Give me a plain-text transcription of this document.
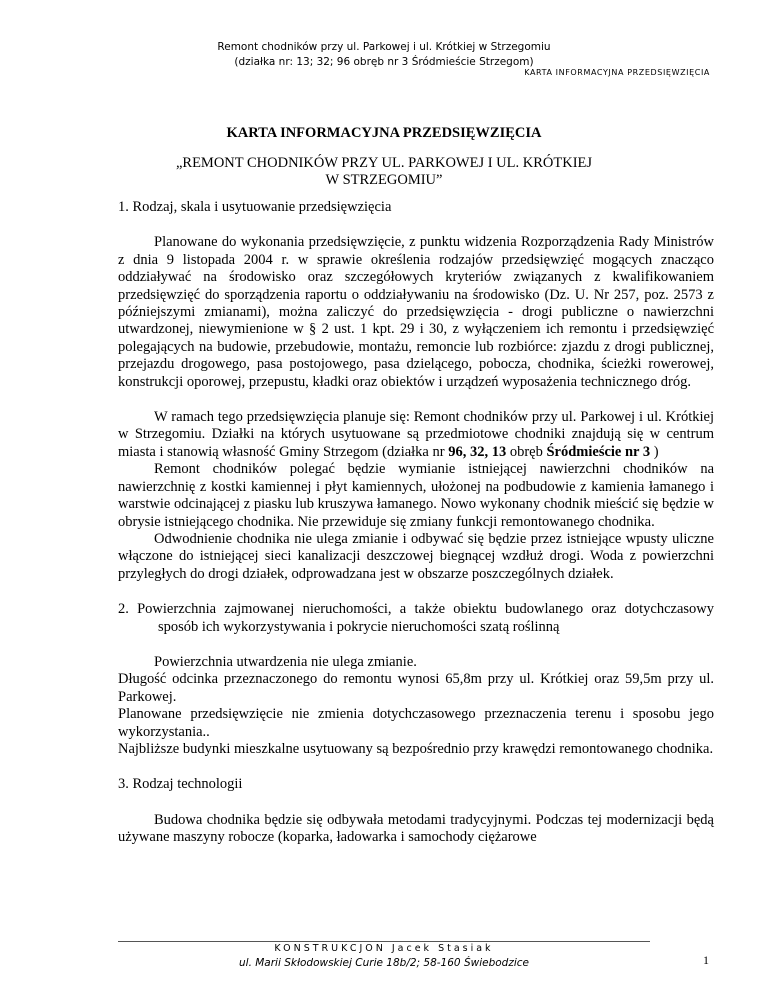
Remont chodników przy ul. Parkowej i ul. Krótkiej w Strzegomiu
(działka nr: 13; 32; 96 obręb nr 3 Śródmieście Strzegom)
KARTA INFORMACYJNA PRZEDSIĘWZIĘCIA
KARTA INFORMACYJNA PRZEDSIĘWZIĘCIA
„REMONT CHODNIKÓW PRZY UL. PARKOWEJ I UL. KRÓTKIEJ
W STRZEGOMIU”

1. Rodzaj, skala i usytuowanie przedsięwzięcia

Planowane do wykonania przedsięwzięcie, z punktu widzenia Rozporządzenia Rady Ministrów z dnia 9 listopada 2004 r. w sprawie określenia rodzajów przedsięwzięć mogących znacząco oddziaływać na środowisko oraz szczegółowych kryteriów związanych z kwalifikowaniem przedsięwzięć do sporządzenia raportu o oddziaływaniu na środowisko (Dz. U. Nr 257, poz. 2573 z późniejszymi zmianami), można zaliczyć do przedsięwzięcia - drogi publiczne o nawierzchni utwardzonej, niewymienione w § 2 ust. 1 kpt. 29 i 30, z wyłączeniem ich remontu i przedsięwzięć polegających na budowie, przebudowie, montażu, remoncie lub rozbiórce: zjazdu z drogi publicznej, przejazdu drogowego, pasa postojowego, pasa dzielącego, pobocza, chodnika, ścieżki rowerowej, konstrukcji oporowej, przepustu, kładki oraz obiektów i urządzeń wyposażenia technicznego dróg.

W ramach tego przedsięwzięcia planuje się: Remont chodników przy ul. Parkowej i ul. Krótkiej w Strzegomiu. Działki na których usytuowane są przedmiotowe chodniki znajdują się w centrum miasta i stanowią własność Gminy Strzegom (działka nr 96, 32, 13 obręb Śródmieście nr 3 )

Remont chodników polegać będzie wymianie istniejącej nawierzchni chodników na nawierzchnię z kostki kamiennej i płyt kamiennych, ułożonej na podbudowie z kamienia łamanego i warstwie odcinającej z piasku lub kruszywa łamanego. Nowo wykonany chodnik mieścić się będzie w obrysie istniejącego chodnika. Nie przewiduje się zmiany funkcji remontowanego chodnika.

Odwodnienie chodnika nie ulega zmianie i odbywać się będzie przez istniejące wpusty uliczne włączone do istniejącej sieci kanalizacji deszczowej biegnącej wzdłuż drogi. Woda z powierzchni przyległych do drogi działek, odprowadzana jest w obszarze poszczególnych działek.

2. Powierzchnia zajmowanej nieruchomości, a także obiektu budowlanego oraz dotychczasowy sposób ich wykorzystywania i pokrycie nieruchomości szatą roślinną

Powierzchnia utwardzenia nie ulega zmianie.

Długość odcinka przeznaczonego do remontu wynosi 65,8m przy ul. Krótkiej oraz 59,5m przy ul. Parkowej.

Planowane przedsięwzięcie nie zmienia dotychczasowego przeznaczenia terenu i sposobu jego wykorzystania..

Najbliższe budynki mieszkalne usytuowany są bezpośrednio przy krawędzi remontowanego chodnika.

3. Rodzaj technologii

Budowa chodnika będzie się odbywała metodami tradycyjnymi. Podczas tej modernizacji będą używane maszyny robocze (koparka, ładowarka i samochody ciężarowe

KONSTRUKCJON Jacek Stasiak
ul. Marii Skłodowskiej Curie 18b/2; 58-160 Świebodzice	1
